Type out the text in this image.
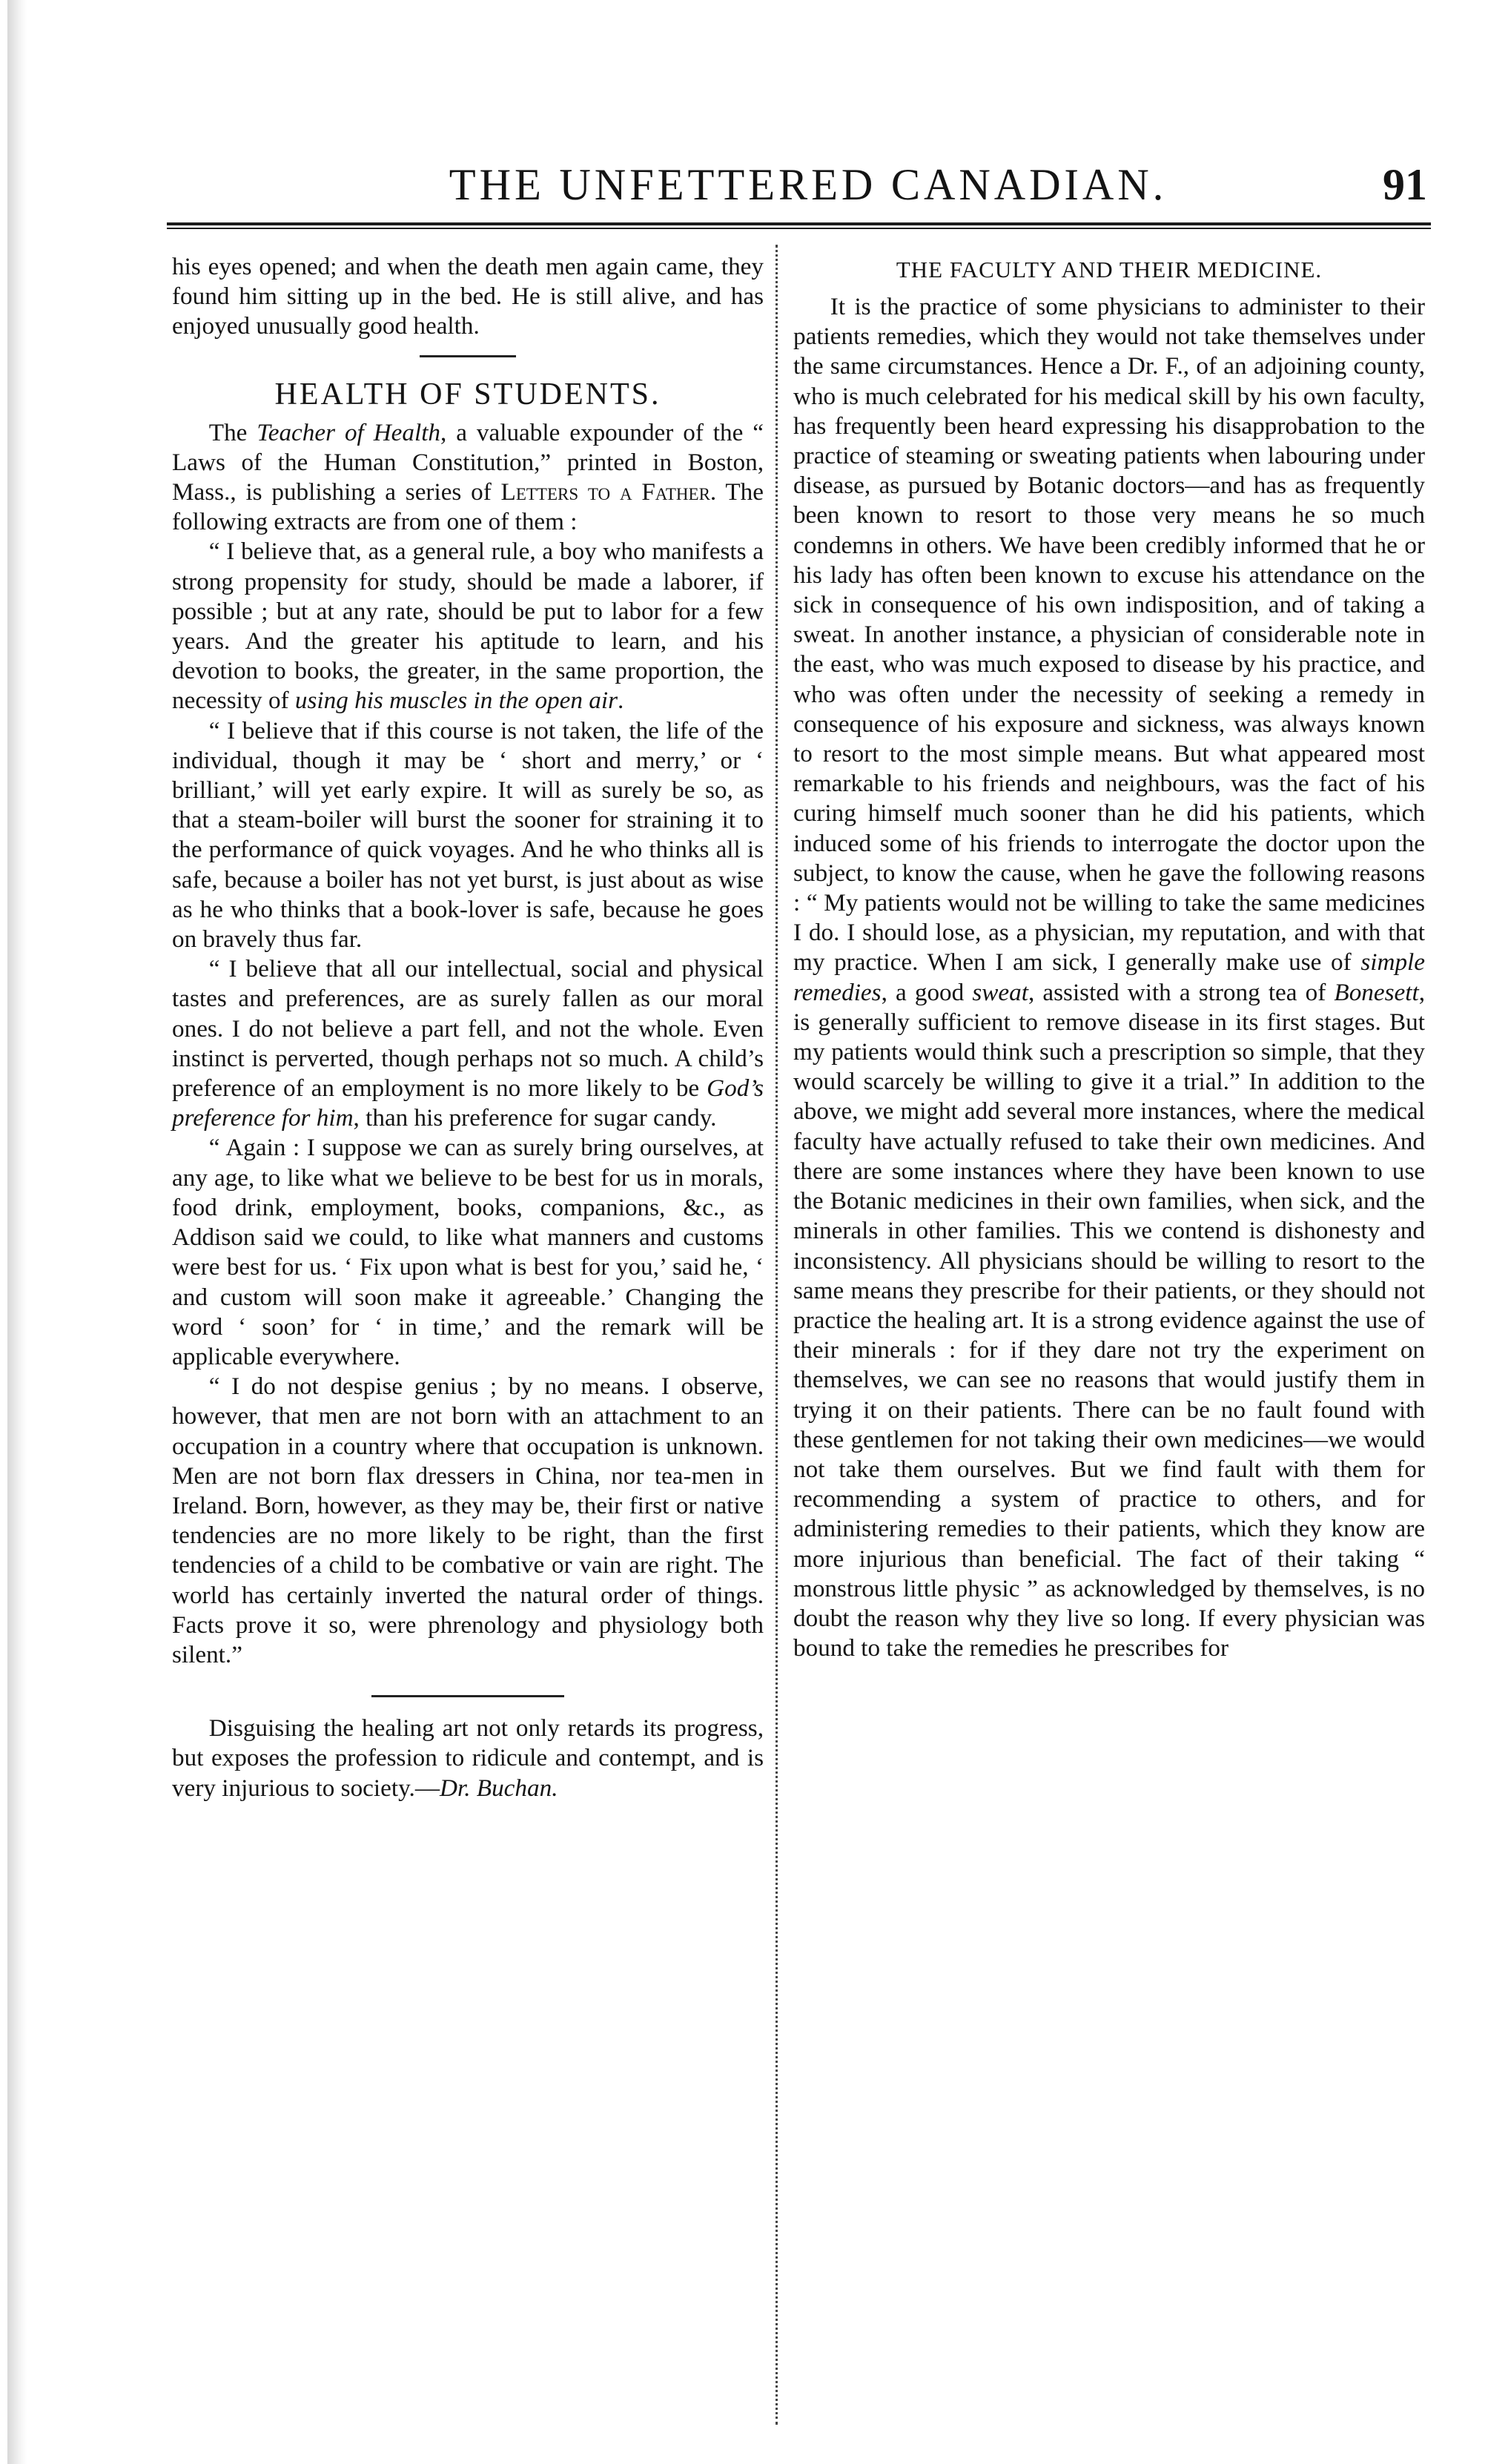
THE UNFETTERED CANADIAN.	91

his eyes opened; and when the death men again came, they found him sitting up in the bed. He is still alive, and has enjoyed unusually good health.

HEALTH OF STUDENTS.

The Teacher of Health, a valuable expounder of the “ Laws of the Human Constitution,” printed in Boston, Mass., is publishing a series of Letters to a Father. The following extracts are from one of them :

“ I believe that, as a general rule, a boy who manifests a strong propensity for study, should be made a laborer, if possible ; but at any rate, should be put to labor for a few years. And the greater his aptitude to learn, and his devotion to books, the greater, in the same proportion, the necessity of using his muscles in the open air.

“ I believe that if this course is not taken, the life of the individual, though it may be ‘ short and merry,’ or ‘ brilliant,’ will yet early expire. It will as surely be so, as that a steam-boiler will burst the sooner for straining it to the performance of quick voyages. And he who thinks all is safe, because a boiler has not yet burst, is just about as wise as he who thinks that a book-lover is safe, because he goes on bravely thus far.

“ I believe that all our intellectual, social and physical tastes and preferences, are as surely fallen as our moral ones. I do not believe a part fell, and not the whole. Even instinct is perverted, though perhaps not so much. A child’s preference of an employment is no more likely to be God’s preference for him, than his preference for sugar candy.

“ Again : I suppose we can as surely bring ourselves, at any age, to like what we believe to be best for us in morals, food drink, employment, books, companions, &c., as Addison said we could, to like what manners and customs were best for us. ‘ Fix upon what is best for you,’ said he, ‘ and custom will soon make it agreeable.’ Changing the word ‘ soon’ for ‘ in time,’ and the remark will be applicable everywhere.

“ I do not despise genius ; by no means. I observe, however, that men are not born with an attachment to an occupation in a country where that occupation is unknown. Men are not born flax dressers in China, nor tea-men in Ireland. Born, however, as they may be, their first or native tendencies are no more likely to be right, than the first tendencies of a child to be combative or vain are right. The world has certainly inverted the natural order of things. Facts prove it so, were phrenology and physiology both silent.”

Disguising the healing art not only retards its progress, but exposes the profession to ridicule and contempt, and is very injurious to society.—Dr. Buchan.

THE FACULTY AND THEIR MEDICINE.

It is the practice of some physicians to administer to their patients remedies, which they would not take themselves under the same circumstances. Hence a Dr. F., of an adjoining county, who is much celebrated for his medical skill by his own faculty, has frequently been heard expressing his disapprobation to the practice of steaming or sweating patients when labouring under disease, as pursued by Botanic doctors—and has as frequently been known to resort to those very means he so much condemns in others. We have been credibly informed that he or his lady has often been known to excuse his attendance on the sick in consequence of his own indisposition, and of taking a sweat. In another instance, a physician of considerable note in the east, who was much exposed to disease by his practice, and who was often under the necessity of seeking a remedy in consequence of his exposure and sickness, was always known to resort to the most simple means. But what appeared most remarkable to his friends and neighbours, was the fact of his curing himself much sooner than he did his patients, which induced some of his friends to interrogate the doctor upon the subject, to know the cause, when he gave the following reasons : “ My patients would not be willing to take the same medicines I do. I should lose, as a physician, my reputation, and with that my practice. When I am sick, I generally make use of simple remedies, a good sweat, assisted with a strong tea of Bonesett, is generally sufficient to remove disease in its first stages. But my patients would think such a prescription so simple, that they would scarcely be willing to give it a trial.” In addition to the above, we might add several more instances, where the medical faculty have actually refused to take their own medicines. And there are some instances where they have been known to use the Botanic medicines in their own families, when sick, and the minerals in other families. This we contend is dishonesty and inconsistency. All physicians should be willing to resort to the same means they prescribe for their patients, or they should not practice the healing art. It is a strong evidence against the use of their minerals : for if they dare not try the experiment on themselves, we can see no reasons that would justify them in trying it on their patients. There can be no fault found with these gentlemen for not taking their own medicines—we would not take them ourselves. But we find fault with them for recommending a system of practice to others, and for administering remedies to their patients, which they know are more injurious than beneficial. The fact of their taking “ monstrous little physic ” as acknowledged by themselves, is no doubt the reason why they live so long. If every physician was bound to take the remedies he prescribes for
